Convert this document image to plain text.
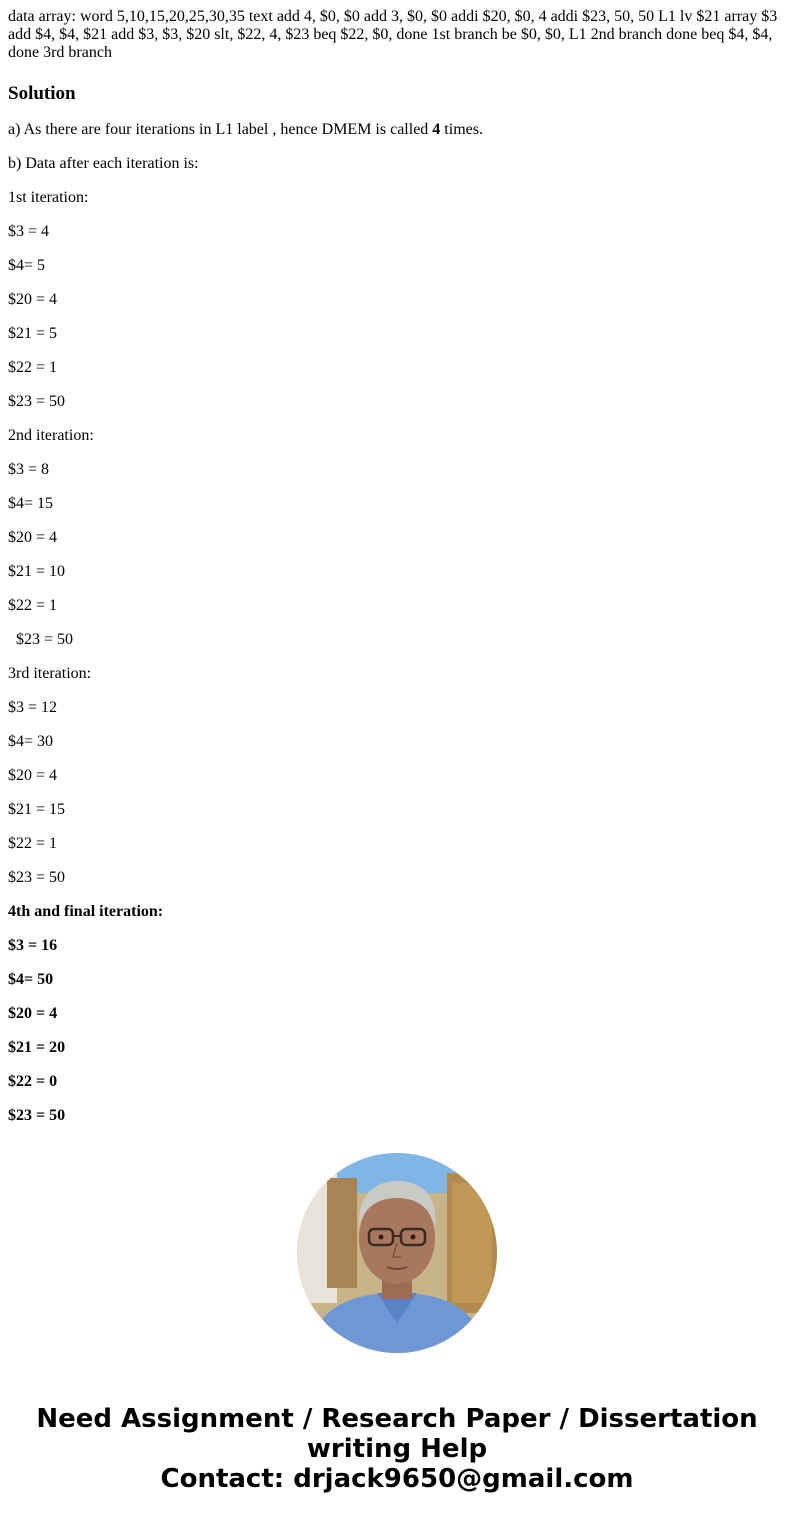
data array: word 5,10,15,20,25,30,35 text add 4, $0, $0 add 3, $0, $0 addi $20, $0, 4 addi $23, 50, 50 L1 lv $21 array $3 add $4, $4, $21 add $3, $3, $20 slt, $22, 4, $23 beq $22, $0, done 1st branch be $0, $0, L1 2nd branch done beq $4, $4, done 3rd branch
Solution

a) As there are four iterations in L1 label , hence DMEM is called 4 times.

b) Data after each iteration is:

1st iteration:

$3 = 4

$4= 5

$20 = 4

$21 = 5

$22 = 1

$23 = 50

2nd iteration:

$3 = 8

$4= 15

$20 = 4

$21 = 10

$22 = 1

$23 = 50

3rd iteration:

$3 = 12

$4= 30

$20 = 4

$21 = 15

$22 = 1

$23 = 50

4th and final iteration:

$3 = 16

$4= 50

$20 = 4

$21 = 20

$22 = 0

$23 = 50

Need Assignment / Research Paper / Dissertation
writing Help
Contact: drjack9650@gmail.com
